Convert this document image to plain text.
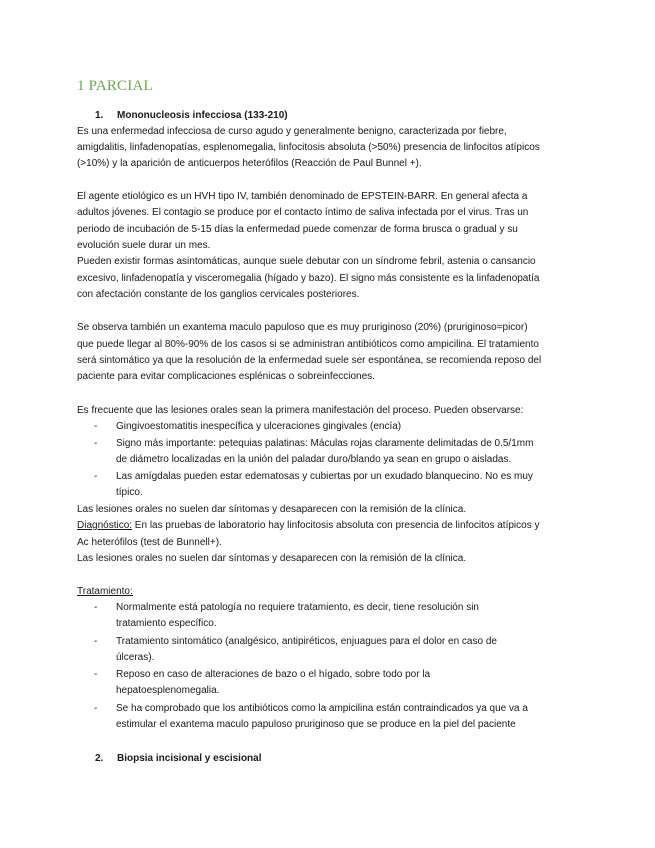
1 PARCIAL
1. Mononucleosis infecciosa (133-210)

Es una enfermedad infecciosa de curso agudo y generalmente benigno, caracterizada por fiebre,

amigdalitis, linfadenopatías, esplenomegalia, linfocitosis absoluta (>50%) presencia de linfocitos atípicos

(>10%) y la aparición de anticuerpos heterófilos (Reacción de Paul Bunnel +).

El agente etiológico es un HVH tipo IV, también denominado de EPSTEIN-BARR. En general afecta a

adultos jóvenes. El contagio se produce por el contacto íntimo de saliva infectada por el virus. Tras un

periodo de incubación de 5-15 días la enfermedad puede comenzar de forma brusca o gradual y su

evolución suele durar un mes.

Pueden existir formas asintomáticas, aunque suele debutar con un síndrome febril, astenia o cansancio

excesivo, linfadenopatía y visceromegalia (hígado y bazo). El signo más consistente es la linfadenopatía

con afectación constante de los ganglios cervicales posteriores.

Se observa también un exantema maculo papuloso que es muy pruriginoso (20%) (pruriginoso=picor)

que puede llegar al 80%-90% de los casos si se administran antibióticos como ampicilina. El tratamiento

será sintomático ya que la resolución de la enfermedad suele ser espontánea, se recomienda reposo del

paciente para evitar complicaciones esplénicas o sobreinfecciones.

Es frecuente que las lesiones orales sean la primera manifestación del proceso. Pueden observarse:

- Gingivoestomatitis inespecífica y ulceraciones gingivales (encía)

- Signo más importante: petequias palatinas: Máculas rojas claramente delimitadas de 0.5/1mm

de diámetro localizadas en la unión del paladar duro/blando ya sean en grupo o aisladas.

- Las amígdalas pueden estar edematosas y cubiertas por un exudado blanquecino. No es muy

típico.

Las lesiones orales no suelen dar síntomas y desaparecen con la remisión de la clínica.

Diagnóstico: En las pruebas de laboratorio hay linfocitosis absoluta con presencia de linfocitos atípicos y

Ac heterófilos (test de Bunnell+).

Las lesiones orales no suelen dar síntomas y desaparecen con la remisión de la clínica.

Tratamiento:

- Normalmente está patología no requiere tratamiento, es decir, tiene resolución sin

tratamiento específico.

- Tratamiento sintomático (analgésico, antipiréticos, enjuagues para el dolor en caso de

úlceras).

- Reposo en caso de alteraciones de bazo o el hígado, sobre todo por la

hepatoesplenomegalia.

- Se ha comprobado que los antibióticos como la ampicilina están contraindicados ya que va a

estimular el exantema maculo papuloso pruriginoso que se produce en la piel del paciente

2. Biopsia incisional y escisional
